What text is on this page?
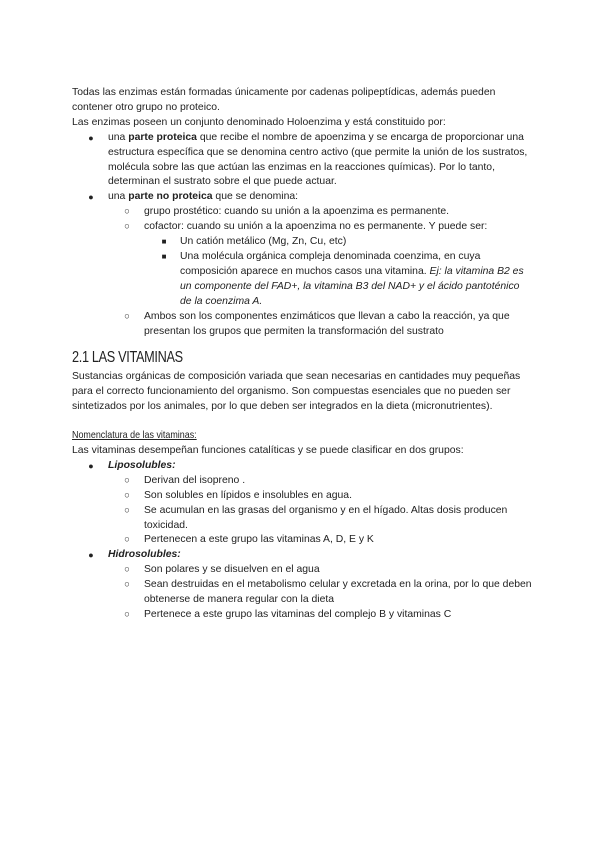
Todas las enzimas están formadas únicamente por cadenas polipeptídicas, además pueden contener otro grupo no proteico.

Las enzimas poseen un conjunto denominado Holoenzima y está constituido por:

● una parte proteica que recibe el nombre de apoenzima y se encarga de proporcionar una estructura específica que se denomina centro activo (que permite la unión de los sustratos, molécula sobre las que actúan las enzimas en la reacciones químicas). Por lo tanto, determinan el sustrato sobre el que puede actuar.
● una parte no proteica que se denomina:
○ grupo prostético: cuando su unión a la apoenzima es permanente.
○ cofactor: cuando su unión a la apoenzima no es permanente. Y puede ser:
■ Un catión metálico (Mg, Zn, Cu, etc)
■ Una molécula orgánica compleja denominada coenzima, en cuya composición aparece en muchos casos una vitamina. Ej: la vitamina B2 es un componente del FAD+, la vitamina B3 del NAD+ y el ácido pantoténico de la coenzima A.
○ Ambos son los componentes enzimáticos que llevan a cabo la reacción, ya que presentan los grupos que permiten la transformación del sustrato
2.1 LAS VITAMINAS

Sustancias orgánicas de composición variada que sean necesarias en cantidades muy pequeñas para el correcto funcionamiento del organismo. Son compuestas esenciales que no pueden ser sintetizados por los animales, por lo que deben ser integrados en la dieta (micronutrientes).

Nomenclatura de las vitaminas:

Las vitaminas desempeñan funciones catalíticas y se puede clasificar en dos grupos:

● Liposolubles:
○ Derivan del isopreno .
○ Son solubles en lípidos e insolubles en agua.
○ Se acumulan en las grasas del organismo y en el hígado. Altas dosis producen toxicidad.
○ Pertenecen a este grupo las vitaminas A, D, E y K
● Hidrosolubles:
○ Son polares y se disuelven en el agua
○ Sean destruidas en el metabolismo celular y excretada en la orina, por lo que deben obtenerse de manera regular con la dieta
○ Pertenece a este grupo las vitaminas del complejo B y vitaminas C
